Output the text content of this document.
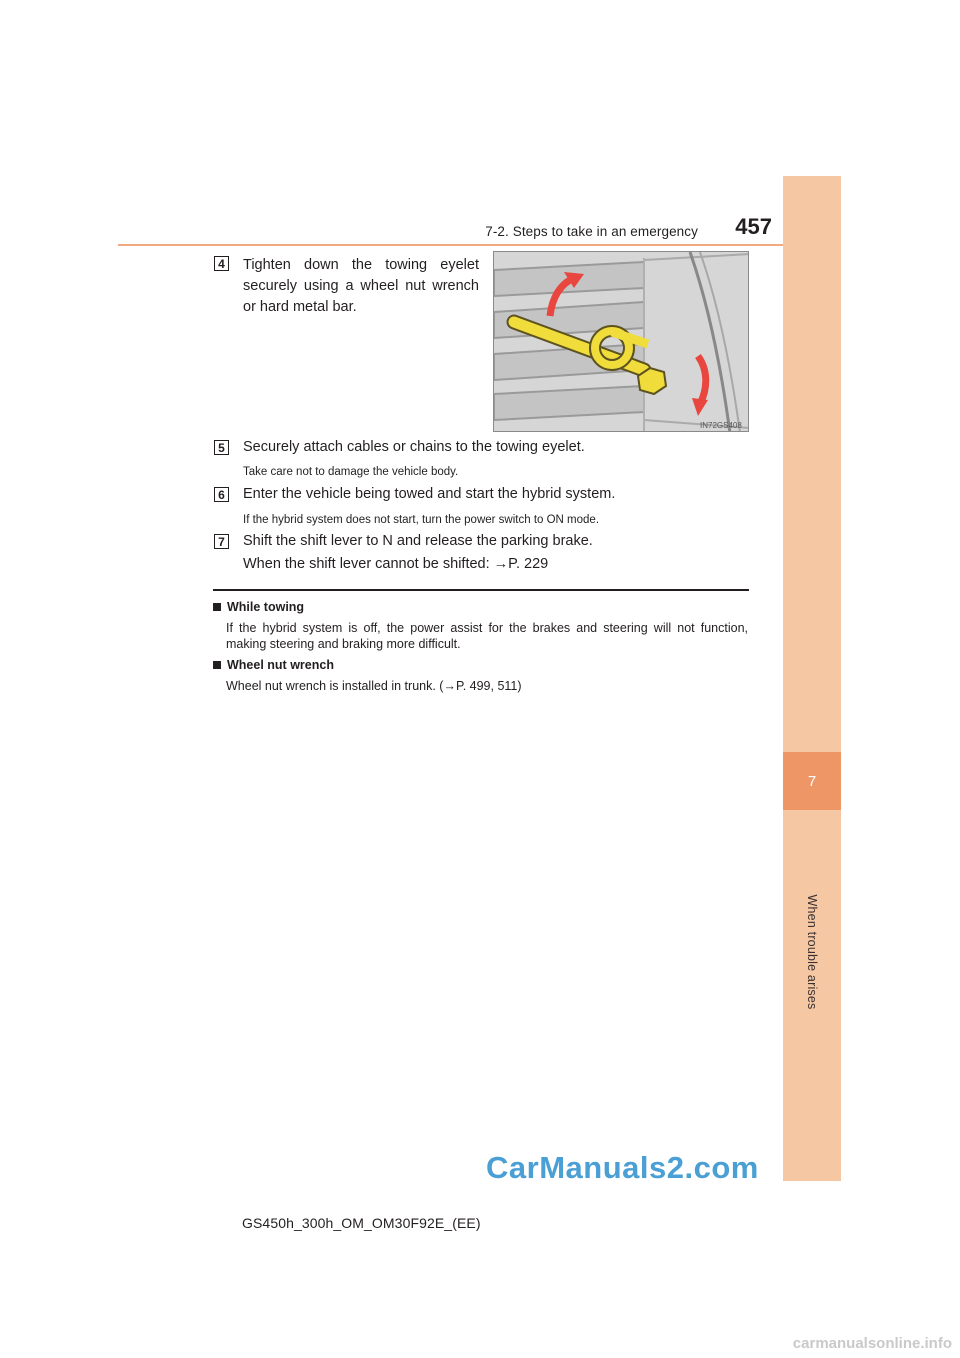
7-2. Steps to take in an emergency 457
7
When trouble arises
4 Tighten down the towing eyelet securely using a wheel nut wrench or hard metal bar.
IN72GS408
5 Securely attach cables or chains to the towing eyelet.
Take care not to damage the vehicle body.
6 Enter the vehicle being towed and start the hybrid system.
If the hybrid system does not start, turn the power switch to ON mode.
7 Shift the shift lever to N and release the parking brake.
When the shift lever cannot be shifted: →P. 229
While towing
If the hybrid system is off, the power assist for the brakes and steering will not function, making steering and braking more difficult.
Wheel nut wrench
Wheel nut wrench is installed in trunk. (→P. 499, 511)
CarManuals2.com
GS450h_300h_OM_OM30F92E_(EE)
carmanualsonline.info
